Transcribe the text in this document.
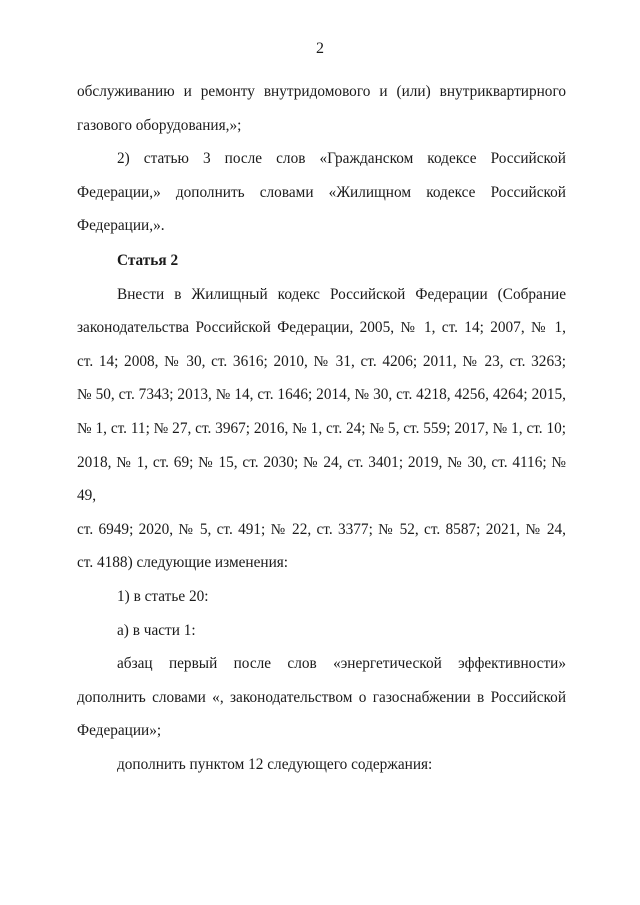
2

обслуживанию и ремонту внутридомового и (или) внутриквартирного
газового оборудования,»;

2) статью 3 после слов «Гражданском кодексе Российской
Федерации,» дополнить словами «Жилищном кодексе Российской
Федерации,».

Статья 2

Внести в Жилищный кодекс Российской Федерации (Собрание
законодательства Российской Федерации, 2005, № 1, ст. 14; 2007, № 1,
ст. 14; 2008, № 30, ст. 3616; 2010, № 31, ст. 4206; 2011, № 23, ст. 3263;
№ 50, ст. 7343; 2013, № 14, ст. 1646; 2014, № 30, ст. 4218, 4256, 4264; 2015,
№ 1, ст. 11; № 27, ст. 3967; 2016, № 1, ст. 24; № 5, ст. 559; 2017, № 1, ст. 10;
2018, № 1, ст. 69; № 15, ст. 2030; № 24, ст. 3401; 2019, № 30, ст. 4116; № 49,
ст. 6949; 2020, № 5, ст. 491; № 22, ст. 3377; № 52, ст. 8587; 2021, № 24,
ст. 4188) следующие изменения:

1) в статье 20:

а) в части 1:

абзац первый после слов «энергетической эффективности»
дополнить словами «, законодательством о газоснабжении в Российской
Федерации»;

дополнить пунктом 12 следующего содержания:
